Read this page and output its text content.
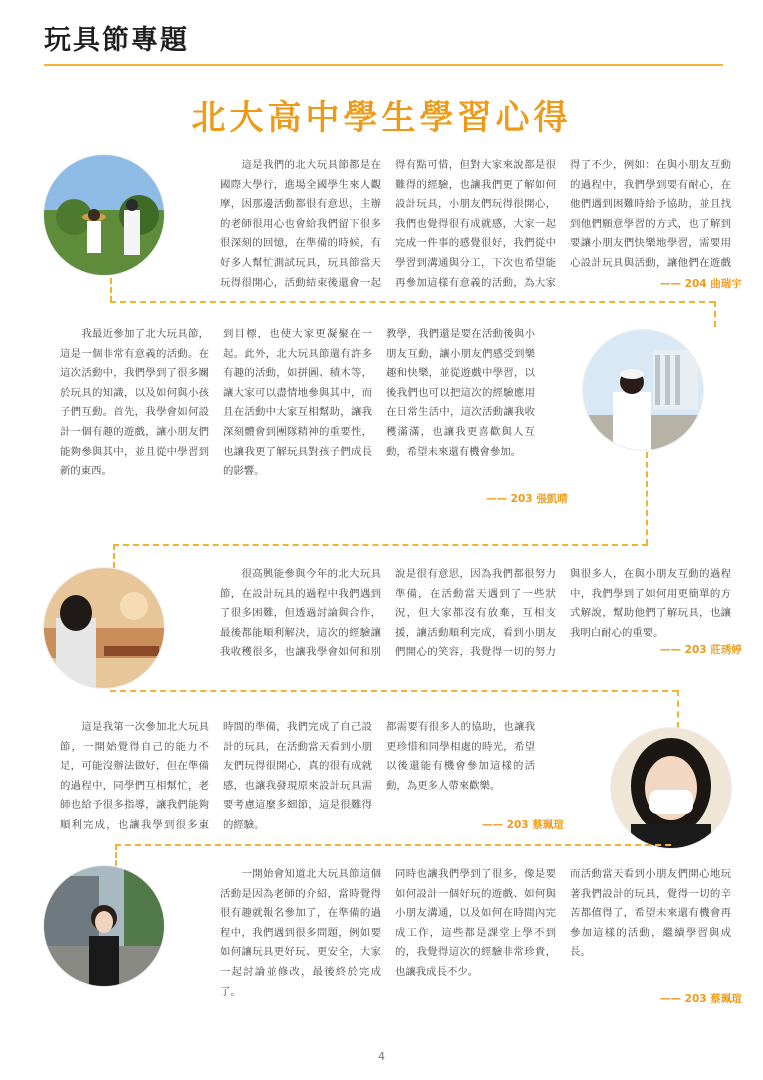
玩具節專題
北大高中學生學習心得
　　這是我們的北大玩具節都是在國際大學行，進場全國學生來人觀摩，因那邊活動都很有意思，主辦的老師很用心也會給我們留下很多很深刻的回憶，在準備的時候，有好多人幫忙測試玩具，玩具節當天玩得很開心，活動結束後還會一起
得有點可惜，但對大家來說都是很難得的經驗，也讓我們更了解如何設計玩具，小朋友們玩得很開心，我們也覺得很有成就感，大家一起完成一件事的感覺很好，我們從中學習到溝通與分工，下次也希望能再參加這樣有意義的活動，為大家
得了不少，例如：在與小朋友互動的過程中，我們學到要有耐心，在他們遇到困難時給予協助，並且找到他們願意學習的方式，也了解到要讓小朋友們快樂地學習，需要用心設計玩具與活動，讓他們在遊戲
—— 204 曲瑞宇
　　我最近參加了北大玩具節，這是一個非常有意義的活動。在這次活動中，我們學到了很多關於玩具的知識，以及如何與小孩子們互動。首先，我學會如何設計一個有趣的遊戲，讓小朋友們能夠參與其中，並且從中學習到新的東西。
到目標，也使大家更凝聚在一起。此外，北大玩具節還有許多有趣的活動，如拼圖、積木等，讓大家可以盡情地參與其中，而且在活動中大家互相幫助，讓我深刻體會到團隊精神的重要性，也讓我更了解玩具對孩子們成長的影響。
教學，我們還是要在活動後與小朋友互動，讓小朋友們感受到樂趣和快樂，並從遊戲中學習，以後我們也可以把這次的經驗應用在日常生活中，這次活動讓我收穫滿滿，也讓我更喜歡與人互動，希望未來還有機會參加。
—— 203 張凱晴
　　很高興能參與今年的北大玩具節，在設計玩具的過程中我們遇到了很多困難，但透過討論與合作，最後都能順利解決，這次的經驗讓我收穫很多，也讓我學會如何和別
說是很有意思，因為我們都很努力準備，在活動當天遇到了一些狀況，但大家都沒有放棄，互相支援，讓活動順利完成，看到小朋友們開心的笑容，我覺得一切的努力
與很多人，在與小朋友互動的過程中，我們學到了如何用更簡單的方式解說，幫助他們了解玩具，也讓我明白耐心的重要。
—— 203 莊琇婷
　　這是我第一次參加北大玩具節，一開始覺得自己的能力不足，可能沒辦法做好，但在準備的過程中，同學們互相幫忙，老師也給予很多指導，讓我們能夠順利完成，也讓我學到很多東
時間的準備，我們完成了自己設計的玩具，在活動當天看到小朋友們玩得很開心，真的很有成就感，也讓我發現原來設計玩具需要考慮這麼多細節，這是很難得的經驗。
都需要有很多人的協助，也讓我更珍惜和同學相處的時光，希望以後還能有機會參加這樣的活動，為更多人帶來歡樂。
—— 203 蔡珮瑄
　　一開始會知道北大玩具節這個活動是因為老師的介紹，當時覺得很有趣就報名參加了，在準備的過程中，我們遇到很多問題，例如要如何讓玩具更好玩、更安全，大家一起討論並修改，最後終於完成了。
同時也讓我們學到了很多，像是要如何設計一個好玩的遊戲、如何與小朋友溝通，以及如何在時間內完成工作，這些都是課堂上學不到的，我覺得這次的經驗非常珍貴，也讓我成長不少。
而活動當天看到小朋友們開心地玩著我們設計的玩具，覺得一切的辛苦都值得了，希望未來還有機會再參加這樣的活動，繼續學習與成長。
—— 203 蔡珮瑄
4
